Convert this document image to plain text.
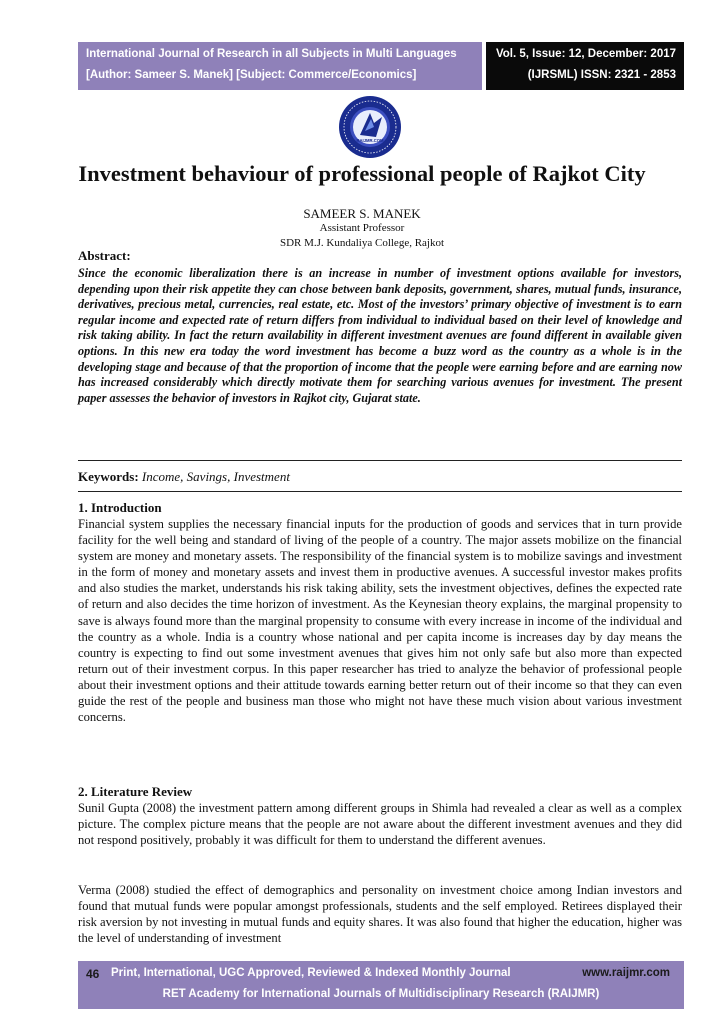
International Journal of Research in all Subjects in Multi Languages
[Author: Sameer S. Manek] [Subject: Commerce/Economics]
Vol. 5, Issue: 12, December: 2017
(IJRSML) ISSN: 2321 - 2853
RAIJMR.COM
Investment behaviour of professional people of Rajkot City
SAMEER S. MANEK
Assistant Professor
SDR M.J. Kundaliya College, Rajkot
Abstract:
Since the economic liberalization there is an increase in number of investment options available for investors, depending upon their risk appetite they can chose between bank deposits, government, shares, mutual funds, insurance, derivatives, precious metal, currencies, real estate, etc. Most of the investors’ primary objective of investment is to earn regular income and expected rate of return differs from individual to individual based on their level of knowledge and risk taking ability. In fact the return availability in different investment avenues are found different in available given options. In this new era today the word investment has become a buzz word as the country as a whole is in the developing stage and because of that the proportion of income that the people were earning before and are earning now has increased considerably which directly motivate them for searching various avenues for investment. The present paper assesses the behavior of investors in Rajkot city, Gujarat state.
Keywords: Income, Savings, Investment
1. Introduction
Financial system supplies the necessary financial inputs for the production of goods and services that in turn provide facility for the well being and standard of living of the people of a country. The major assets mobilize on the financial system are money and monetary assets. The responsibility of the financial system is to mobilize savings and investment in the form of money and monetary assets and invest them in productive avenues. A successful investor makes profits and also studies the market, understands his risk taking ability, sets the investment objectives, defines the expected rate of return and also decides the time horizon of investment. As the Keynesian theory explains, the marginal propensity to save is always found more than the marginal propensity to consume with every increase in income of the individual and the country as a whole. India is a country whose national and per capita income is increases day by day means the country is expecting to find out some investment avenues that gives him not only safe but also more than expected return out of their investment corpus. In this paper researcher has tried to analyze the behavior of professional people about their investment options and their attitude towards earning better return out of their income so that they can even guide the rest of the people and business man those who might not have these much vision about various investment concerns.
2. Literature Review
Sunil Gupta (2008) the investment pattern among different groups in Shimla had revealed a clear as well as a complex picture. The complex picture means that the people are not aware about the different investment avenues and they did not respond positively, probably it was difficult for them to understand the different avenues.
Verma (2008) studied the effect of demographics and personality on investment choice among Indian investors and found that mutual funds were popular amongst professionals, students and the self employed. Retirees displayed their risk aversion by not investing in mutual funds and equity shares. It was also found that higher the education, higher was the level of understanding of investment
46 Print, International, UGC Approved, Reviewed & Indexed Monthly Journal	www.raijmr.com
RET Academy for International Journals of Multidisciplinary Research (RAIJMR)
